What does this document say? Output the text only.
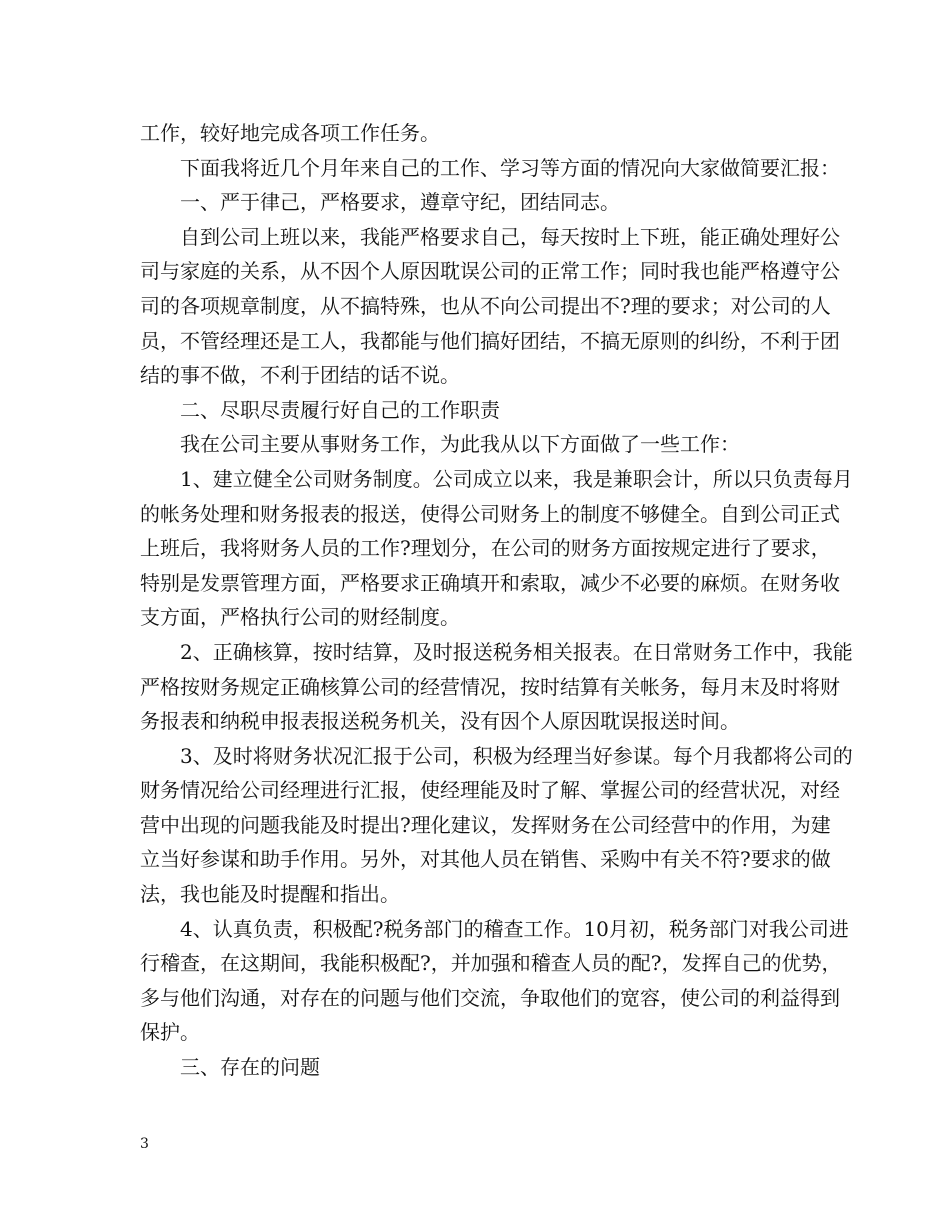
工作，较好地完成各项工作任务。
　　下面我将近几个月年来自己的工作、学习等方面的情况向大家做简要汇报：
　　一、严于律己，严格要求，遵章守纪，团结同志。
　　自到公司上班以来，我能严格要求自己，每天按时上下班，能正确处理好公
司与家庭的关系，从不因个人原因耽误公司的正常工作；同时我也能严格遵守公
司的各项规章制度，从不搞特殊，也从不向公司提出不?理的要求；对公司的人
员，不管经理还是工人，我都能与他们搞好团结，不搞无原则的纠纷，不利于团
结的事不做，不利于团结的话不说。
　　二、尽职尽责履行好自己的工作职责
　　我在公司主要从事财务工作，为此我从以下方面做了一些工作：
　　1、建立健全公司财务制度。公司成立以来，我是兼职会计，所以只负责每月
的帐务处理和财务报表的报送，使得公司财务上的制度不够健全。自到公司正式
上班后，我将财务人员的工作?理划分，在公司的财务方面按规定进行了要求，
特别是发票管理方面，严格要求正确填开和索取，减少不必要的麻烦。在财务收
支方面，严格执行公司的财经制度。
　　2、正确核算，按时结算，及时报送税务相关报表。在日常财务工作中，我能
严格按财务规定正确核算公司的经营情况，按时结算有关帐务，每月末及时将财
务报表和纳税申报表报送税务机关，没有因个人原因耽误报送时间。
　　3、及时将财务状况汇报于公司，积极为经理当好参谋。每个月我都将公司的
财务情况给公司经理进行汇报，使经理能及时了解、掌握公司的经营状况，对经
营中出现的问题我能及时提出?理化建议，发挥财务在公司经营中的作用，为建
立当好参谋和助手作用。另外，对其他人员在销售、采购中有关不符?要求的做
法，我也能及时提醒和指出。
　　4、认真负责，积极配?税务部门的稽查工作。10月初，税务部门对我公司进
行稽查，在这期间，我能积极配?，并加强和稽查人员的配?，发挥自己的优势，
多与他们沟通，对存在的问题与他们交流，争取他们的宽容，使公司的利益得到
保护。
　　三、存在的问题
3
